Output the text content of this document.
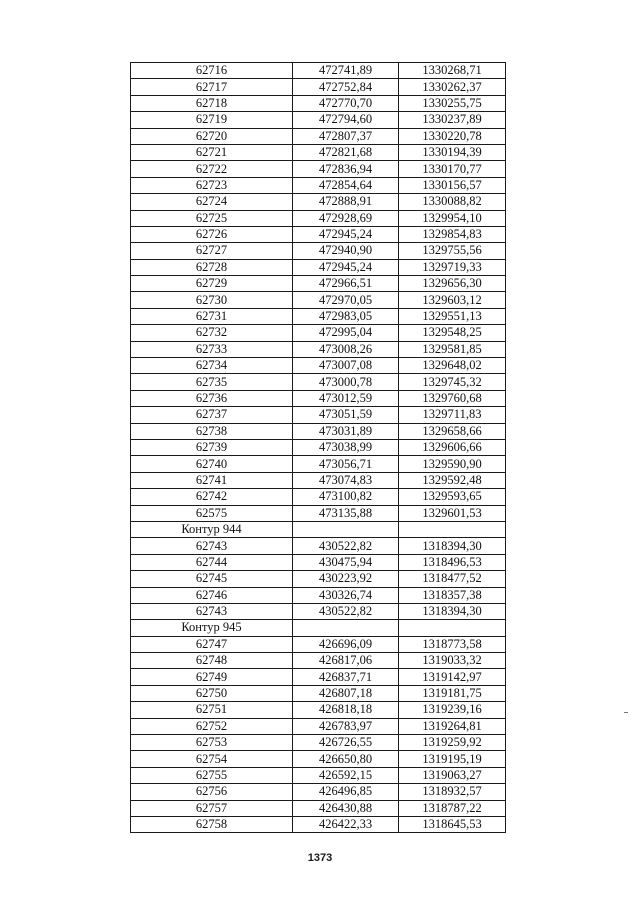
62716	472741,89	1330268,71
62717	472752,84	1330262,37
62718	472770,70	1330255,75
62719	472794,60	1330237,89
62720	472807,37	1330220,78
62721	472821,68	1330194,39
62722	472836,94	1330170,77
62723	472854,64	1330156,57
62724	472888,91	1330088,82
62725	472928,69	1329954,10
62726	472945,24	1329854,83
62727	472940,90	1329755,56
62728	472945,24	1329719,33
62729	472966,51	1329656,30
62730	472970,05	1329603,12
62731	472983,05	1329551,13
62732	472995,04	1329548,25
62733	473008,26	1329581,85
62734	473007,08	1329648,02
62735	473000,78	1329745,32
62736	473012,59	1329760,68
62737	473051,59	1329711,83
62738	473031,89	1329658,66
62739	473038,99	1329606,66
62740	473056,71	1329590,90
62741	473074,83	1329592,48
62742	473100,82	1329593,65
62575	473135,88	1329601,53
Контур 944		
62743	430522,82	1318394,30
62744	430475,94	1318496,53
62745	430223,92	1318477,52
62746	430326,74	1318357,38
62743	430522,82	1318394,30
Контур 945		
62747	426696,09	1318773,58
62748	426817,06	1319033,32
62749	426837,71	1319142,97
62750	426807,18	1319181,75
62751	426818,18	1319239,16
62752	426783,97	1319264,81
62753	426726,55	1319259,92
62754	426650,80	1319195,19
62755	426592,15	1319063,27
62756	426496,85	1318932,57
62757	426430,88	1318787,22
62758	426422,33	1318645,53
1373
